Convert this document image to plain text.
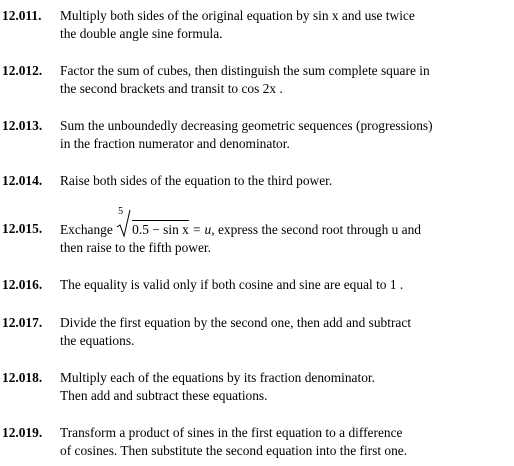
12.011.	Multiply both sides of the original equation by sin x and use twice
the double angle sine formula.
12.012.	Factor the sum of cubes, then distinguish the sum complete square in
the second brackets and transit to cos 2x .
12.013.	Sum the unboundedly decreasing geometric sequences (progressions)
in the fraction numerator and denominator.
12.014.	Raise both sides of the equation to the third power.
12.015.	Exchange
5
0.5 − sin x = u, express the second root through u and
then raise to the fifth power.
12.016.	The equality is valid only if both cosine and sine are equal to 1 .
12.017.	Divide the first equation by the second one, then add and subtract
the equations.
12.018.	Multiply each of the equations by its fraction denominator.
Then add and subtract these equations.
12.019.	Transform a product of sines in the first equation to a difference
of cosines. Then substitute the second equation into the first one.
